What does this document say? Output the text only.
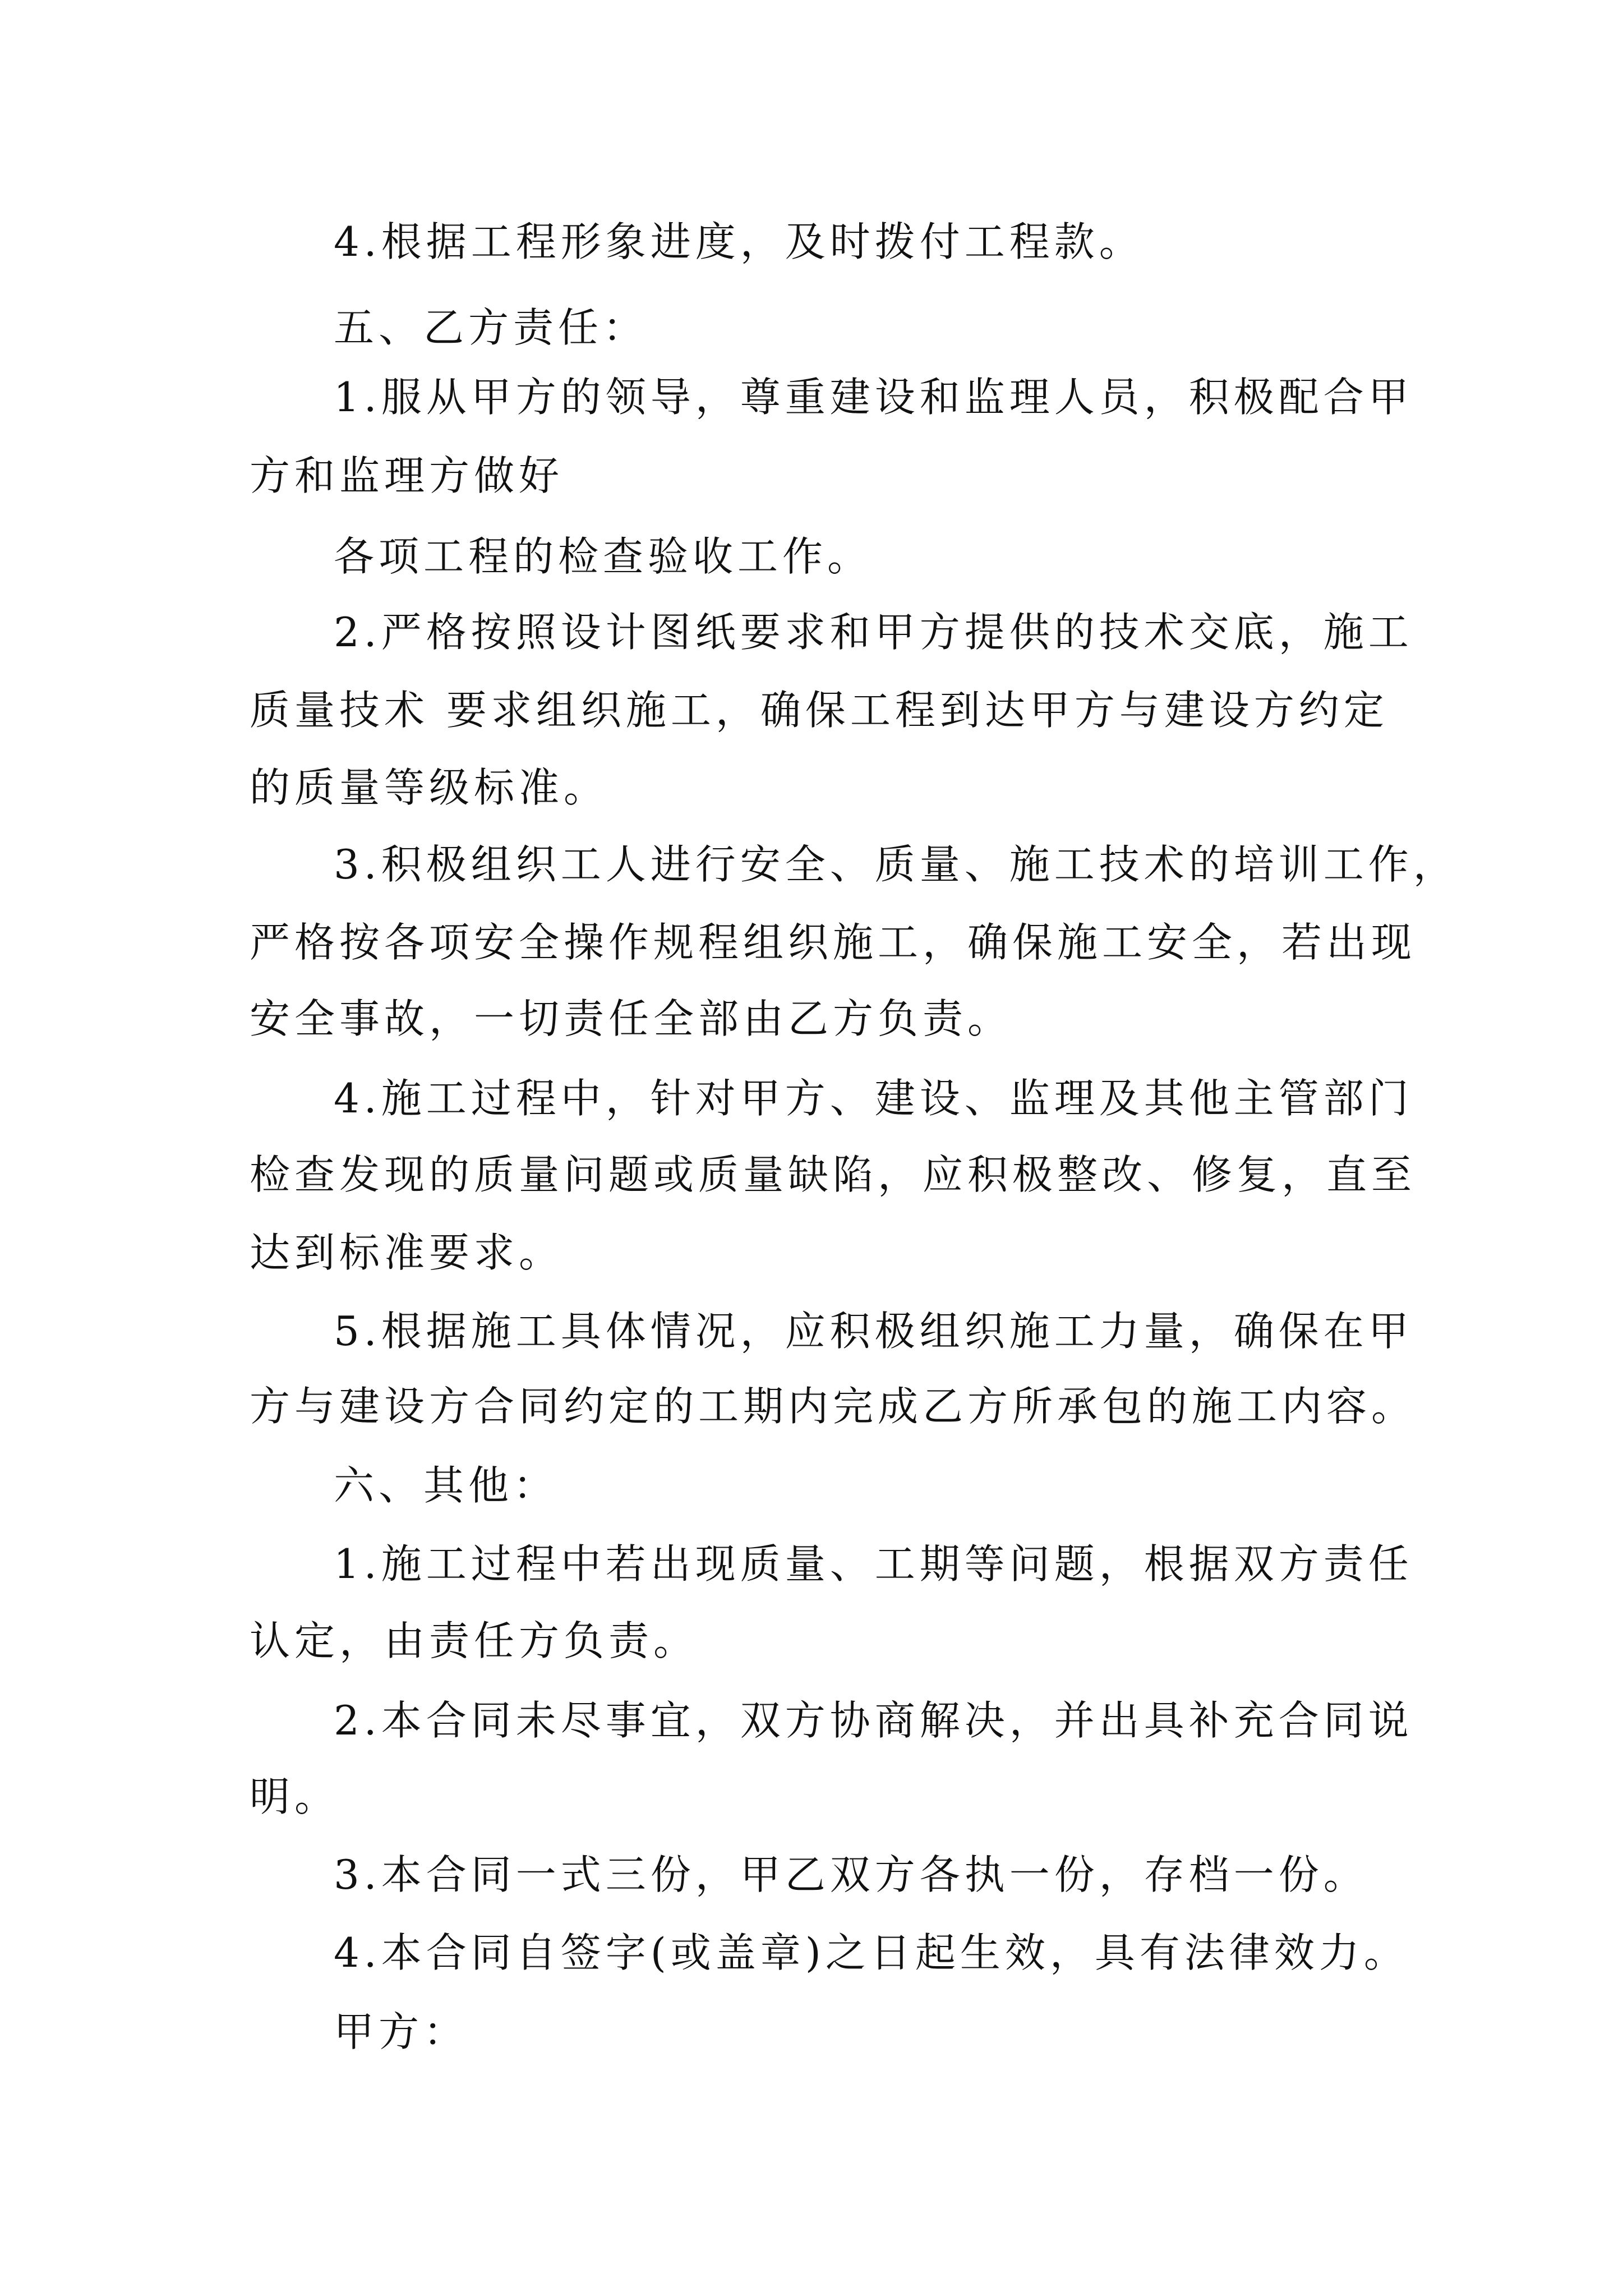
4.根据工程形象进度，及时拨付工程款。

五、乙方责任：

1.服从甲方的领导，尊重建设和监理人员，积极配合甲

方和监理方做好

各项工程的检查验收工作。

2.严格按照设计图纸要求和甲方提供的技术交底，施工

质量技术 要求组织施工，确保工程到达甲方与建设方约定

的质量等级标准。

3.积极组织工人进行安全、质量、施工技术的培训工作，

严格按各项安全操作规程组织施工，确保施工安全，若出现

安全事故，一切责任全部由乙方负责。

4.施工过程中，针对甲方、建设、监理及其他主管部门

检查发现的质量问题或质量缺陷，应积极整改、修复，直至

达到标准要求。

5.根据施工具体情况，应积极组织施工力量，确保在甲

方与建设方合同约定的工期内完成乙方所承包的施工内容。

六、其他：

1.施工过程中若出现质量、工期等问题，根据双方责任

认定，由责任方负责。

2.本合同未尽事宜，双方协商解决，并出具补充合同说

明。

3.本合同一式三份，甲乙双方各执一份，存档一份。

4.本合同自签字(或盖章)之日起生效，具有法律效力。

甲方：
